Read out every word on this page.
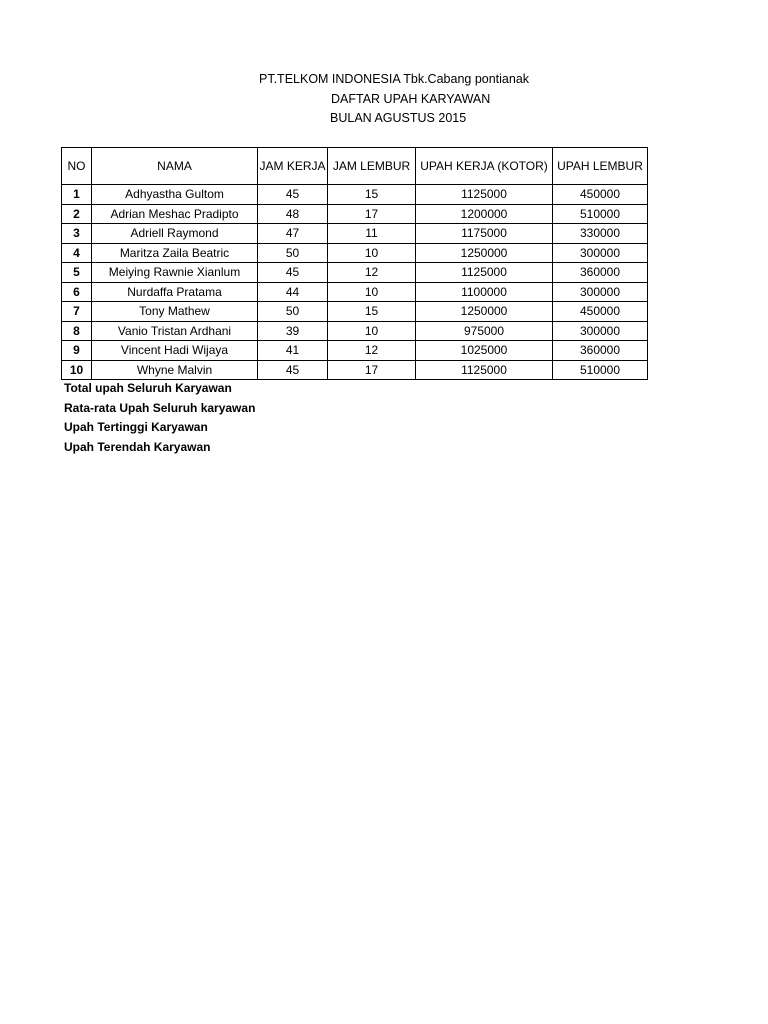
PT.TELKOM INDONESIA Tbk.Cabang pontianak
DAFTAR UPAH KARYAWAN
BULAN AGUSTUS 2015
NO	NAMA	JAM KERJA	JAM LEMBUR	UPAH KERJA (KOTOR)	UPAH LEMBUR
1	Adhyastha Gultom	45	15	1125000	450000
2	Adrian Meshac Pradipto	48	17	1200000	510000
3	Adriell Raymond	47	11	1175000	330000
4	Maritza Zaila Beatric	50	10	1250000	300000
5	Meiying Rawnie Xianlum	45	12	1125000	360000
6	Nurdaffa Pratama	44	10	1100000	300000
7	Tony Mathew	50	15	1250000	450000
8	Vanio Tristan Ardhani	39	10	975000	300000
9	Vincent Hadi Wijaya	41	12	1025000	360000
10	Whyne Malvin	45	17	1125000	510000
Total upah Seluruh Karyawan
Rata-rata Upah Seluruh karyawan
Upah Tertinggi Karyawan
Upah Terendah Karyawan
